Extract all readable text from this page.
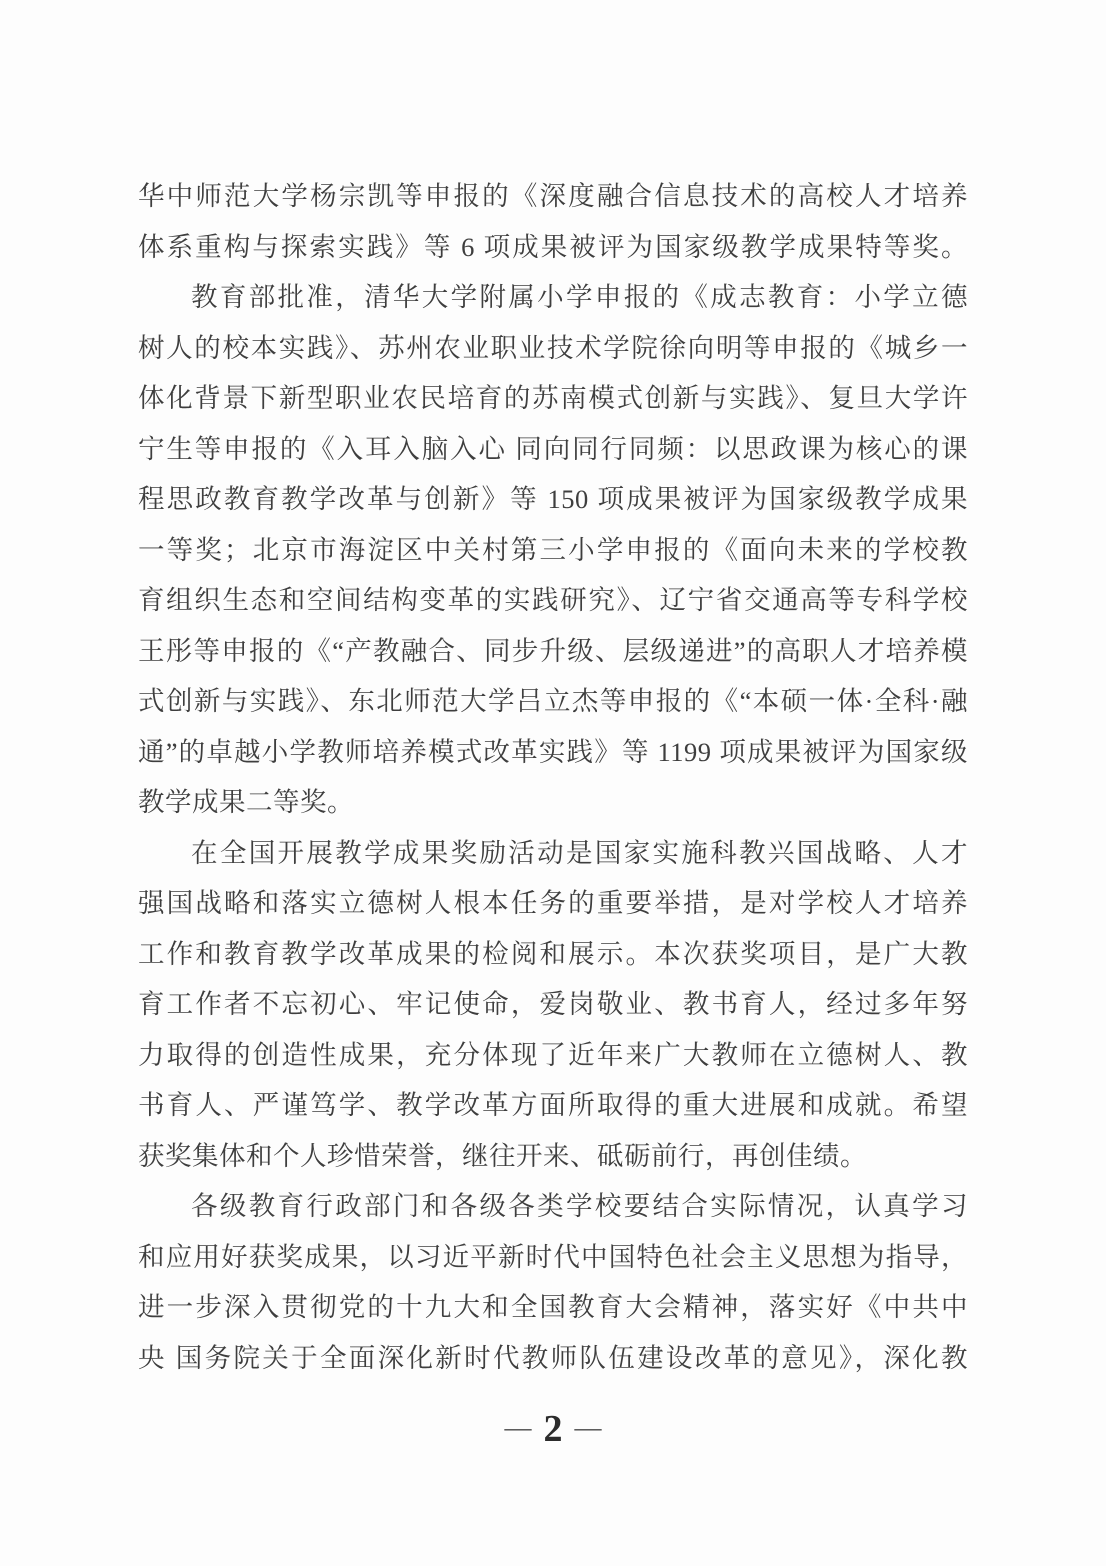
华中师范大学杨宗凯等申报的《深度融合信息技术的高校人才培养
体系重构与探索实践》等 6 项成果被评为国家级教学成果特等奖。
教育部批准，清华大学附属小学申报的《成志教育：小学立德
树人的校本实践》、苏州农业职业技术学院徐向明等申报的《城乡一
体化背景下新型职业农民培育的苏南模式创新与实践》、复旦大学许
宁生等申报的《入耳入脑入心 同向同行同频：以思政课为核心的课
程思政教育教学改革与创新》等 150 项成果被评为国家级教学成果
一等奖；北京市海淀区中关村第三小学申报的《面向未来的学校教
育组织生态和空间结构变革的实践研究》、辽宁省交通高等专科学校
王彤等申报的《“产教融合、同步升级、层级递进”的高职人才培养模
式创新与实践》、东北师范大学吕立杰等申报的《“本硕一体·全科·融
通”的卓越小学教师培养模式改革实践》等 1199 项成果被评为国家级
教学成果二等奖。
在全国开展教学成果奖励活动是国家实施科教兴国战略、人才
强国战略和落实立德树人根本任务的重要举措，是对学校人才培养
工作和教育教学改革成果的检阅和展示。本次获奖项目，是广大教
育工作者不忘初心、牢记使命，爱岗敬业、教书育人，经过多年努
力取得的创造性成果，充分体现了近年来广大教师在立德树人、教
书育人、严谨笃学、教学改革方面所取得的重大进展和成就。希望
获奖集体和个人珍惜荣誉，继往开来、砥砺前行，再创佳绩。
各级教育行政部门和各级各类学校要结合实际情况，认真学习
和应用好获奖成果，以习近平新时代中国特色社会主义思想为指导，
进一步深入贯彻党的十九大和全国教育大会精神，落实好《中共中
央 国务院关于全面深化新时代教师队伍建设改革的意见》，深化教
— 2 —
